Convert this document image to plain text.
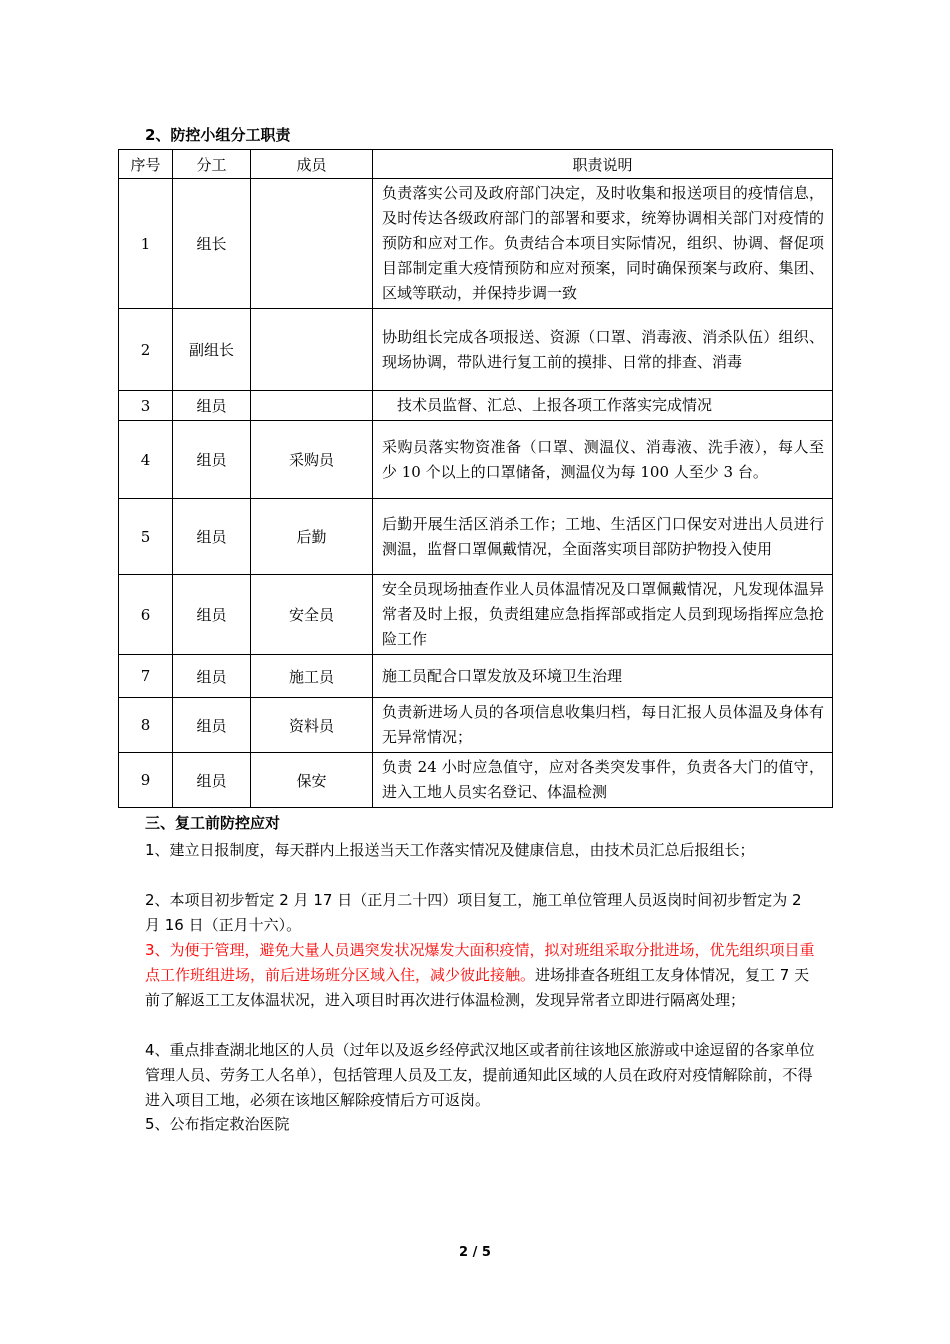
2、防控小组分工职责
序号	分工	成员	职责说明
1	组长		负责落实公司及政府部门决定，及时收集和报送项目的疫情信息，及时传达各级政府部门的部署和要求，统筹协调相关部门对疫情的预防和应对工作。负责结合本项目实际情况，组织、协调、督促项目部制定重大疫情预防和应对预案，同时确保预案与政府、集团、区域等联动，并保持步调一致
2	副组长		协助组长完成各项报送、资源（口罩、消毒液、消杀队伍）组织、现场协调，带队进行复工前的摸排、日常的排查、消毒
3	组员		技术员监督、汇总、上报各项工作落实完成情况
4	组员	采购员	采购员落实物资准备（口罩、测温仪、消毒液、洗手液），每人至少 10 个以上的口罩储备，测温仪为每 100 人至少 3 台。
5	组员	后勤	后勤开展生活区消杀工作；工地、生活区门口保安对进出人员进行测温，监督口罩佩戴情况，全面落实项目部防护物投入使用
6	组员	安全员	安全员现场抽查作业人员体温情况及口罩佩戴情况，凡发现体温异常者及时上报，负责组建应急指挥部或指定人员到现场指挥应急抢险工作
7	组员	施工员	施工员配合口罩发放及环境卫生治理
8	组员	资料员	负责新进场人员的各项信息收集归档，每日汇报人员体温及身体有无异常情况；
9	组员	保安	负责 24 小时应急值守，应对各类突发事件，负责各大门的值守，进入工地人员实名登记、体温检测
三、复工前防控应对
1、建立日报制度，每天群内上报送当天工作落实情况及健康信息，由技术员汇总后报组长；
2、本项目初步暂定 2 月 17 日（正月二十四）项目复工，施工单位管理人员返岗时间初步暂定为 2 月 16 日（正月十六）。
3、为便于管理，避免大量人员遇突发状况爆发大面积疫情，拟对班组采取分批进场，优先组织项目重点工作班组进场，前后进场班分区域入住，减少彼此接触。进场排查各班组工友身体情况，复工 7 天前了解返工工友体温状况，进入项目时再次进行体温检测，发现异常者立即进行隔离处理；
4、重点排查湖北地区的人员（过年以及返乡经停武汉地区或者前往该地区旅游或中途逗留的各家单位管理人员、劳务工人名单），包括管理人员及工友，提前通知此区域的人员在政府对疫情解除前，不得进入项目工地，必须在该地区解除疫情后方可返岗。
5、公布指定救治医院
2 / 5
